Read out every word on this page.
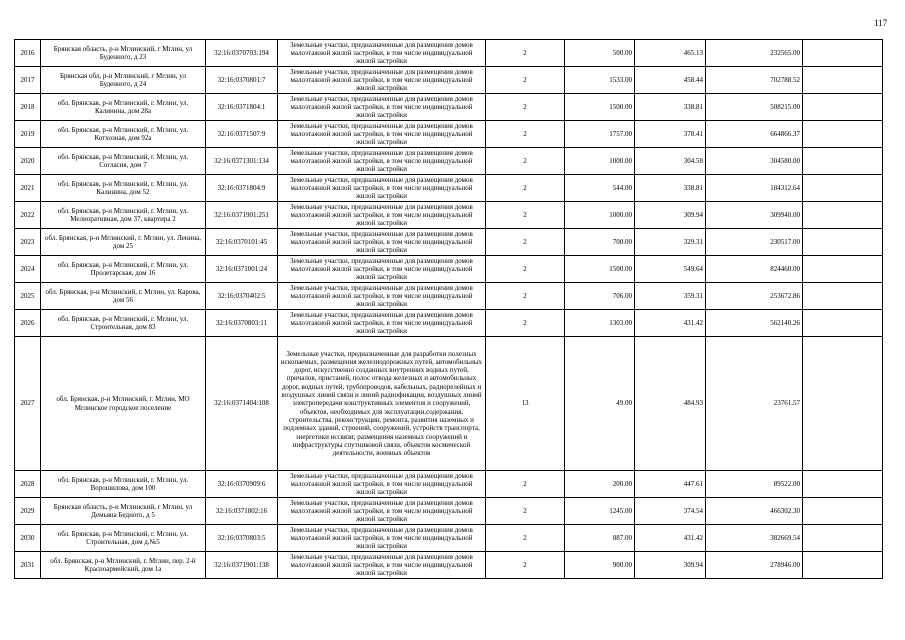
117
2016	Брянская область, р-н Мглинский, г Мглин, ул Буденного, д 23	32:16:0370703:194	Земельные участки, предназначенные для размещения домов малоэтажной жилой застройки, в том числе индивидуальной жилой застройки	2	500.00	465.13	232565.00	
2017	Брянская обл, р-н Мглинский, г Мглин, ул Буденного, д 24	32:16:0370801:7	Земельные участки, предназначенные для размещения домов малоэтажной жилой застройки, в том числе индивидуальной жилой застройки	2	1533.00	458.44	702788.52	
2018	обл. Брянская, р-н Мглинский, г. Мглин, ул. Калинина, дом 28а	32:16:0371804:1	Земельные участки, предназначенные для размещения домов малоэтажной жилой застройки, в том числе индивидуальной жилой застройки	2	1500.00	338.81	508215.00	
2019	обл. Брянская, р-н Мглинский, г. Мглин, ул. Котхозная, дом 92а	32:16:0371507:9	Земельные участки, предназначенные для размещения домов малоэтажной жилой застройки, в том числе индивидуальной жилой застройки	2	1757.00	378.41	664866.37	
2020	обл. Брянская, р-н Мглинский, г. Мглин, ул. Согласия, дом 7	32:16:0371301:134	Земельные участки, предназначенные для размещения домов малоэтажной жилой застройки, в том числе индивидуальной жилой застройки	2	1000.00	304.58	304580.00	
2021	обл. Брянская, р-н Мглинский, г. Мглин, ул. Калинина, дом 52	32:16:0371804:9	Земельные участки, предназначенные для размещения домов малоэтажной жилой застройки, в том числе индивидуальной жилой застройки	2	544.00	338.81	184312.64	
2022	обл. Брянская, р-н Мглинский, г. Мглин, ул. Мелиоративная, дом 37, квартира 2	32:16:0371901:251	Земельные участки, предназначенные для размещения домов малоэтажной жилой застройки, в том числе индивидуальной жилой застройки	2	1000.00	309.94	309940.00	
2023	обл. Брянская, р-н Мглинский, г. Мглин, ул. Ленина, дом 25	32:16:0370101:45	Земельные участки, предназначенные для размещения домов малоэтажной жилой застройки, в том числе индивидуальной жилой застройки	2	700.00	329.31	230517.00	
2024	обл. Брянская, р-н Мглинский, г. Мглин, ул. Пролетарская, дом 16	32:16:0371001:24	Земельные участки, предназначенные для размещения домов малоэтажной жилой застройки, в том числе индивидуальной жилой застройки	2	1500.00	549.64	824460.00	
2025	обл. Брянская, р-н Мглинский, г. Мглин, ул. Карова, дом 56	32:16:0370402:5	Земельные участки, предназначенные для размещения домов малоэтажной жилой застройки, в том числе индивидуальной жилой застройки	2	706.00	359.31	253672.86	
2026	обл. Брянская, р-н Мглинский, г. Мглин, ул. Строительная, дом 83	32:16:0370803:11	Земельные участки, предназначенные для размещения домов малоэтажной жилой застройки, в том числе индивидуальной жилой застройки	2	1303.00	431.42	562140.26	
2027	обл. Брянская, р-н Мглинский, г. Мглин, МО Мглинское городское поселение	32:16:0371404:108	Земельные участки, предназначенные для разработки полезных ископаемых, размещения железнодорожных путей, автомобильных дорог, искусственно созданных внутренних водных путей, причалов, пристаней, полос отвода железных и автомобильных дорог, водных путей, трубопроводов, кабельных, радиорелейных и воздушных линий связи и линий радиофикации, воздушных линий электропередачи конструктивных элементов и сооружений, объектов, необходимых для эксплуатации,содержания, строительства, реконструкции, ремонта, развития наземных и подземных зданий, строений, сооружений, устройств транспорта, энергетики иссвязи; размещения наземных сооружений и инфраструктуры спутниковой связи, объектов космической деятельности, военных объектов	13	49.00	484.93	23761.57	
2028	обл. Брянская, р-н Мглинский, г. Мглин, ул. Ворошилова, дом 100	32:16:0370909:6	Земельные участки, предназначенные для размещения домов малоэтажной жилой застройки, в том числе индивидуальной жилой застройки	2	200.00	447.61	89522.00	
2029	Брянская область, р-н Мглинский, г Мглин, ул Демьяна Бедного, д 5	32:16:0371802:16	Земельные участки, предназначенные для размещения домов малоэтажной жилой застройки, в том числе индивидуальной жилой застройки	2	1245.00	374.54	466302.30	
2030	обл. Брянская, р-н Мглинский, г. Мглин, ул. Строительная, дом д.№5	32:16:0370803:5	Земельные участки, предназначенные для размещения домов малоэтажной жилой застройки, в том числе индивидуальной жилой застройки	2	887.00	431.42	382669.54	
2031	обл. Брянская, р-н Мглинский, г. Мглин, пер. 2-й Красноармейский, дом 1а	32:16:0371901:138	Земельные участки, предназначенные для размещения домов малоэтажной жилой застройки, в том числе индивидуальной жилой застройки	2	900.00	309.94	278946.00	
